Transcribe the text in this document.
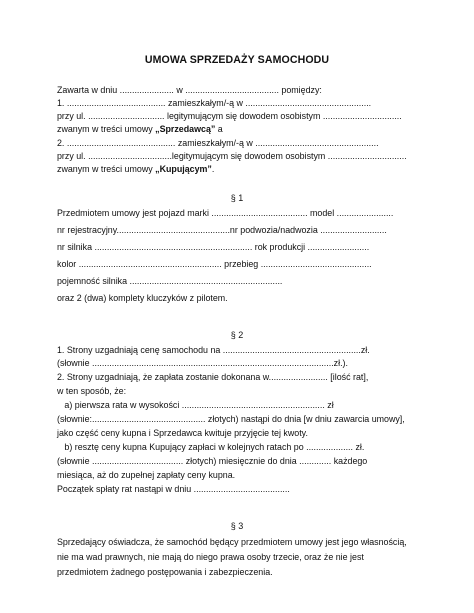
UMOWA SPRZEDAŻY SAMOCHODU
Zawarta w dniu ...................... w ...................................... pomiędzy:
1. ........................................ zamieszkałym/-ą w ...................................................
przy ul. ............................... legitymującym się dowodem osobistym ................................
zwanym w treści umowy „Sprzedawcą” a
2. ............................................ zamieszkałym/-ą w ..................................................
przy ul. ..................................legitymującym się dowodem osobistym ................................
zwanym w treści umowy „Kupującym”.
§ 1
Przedmiotem umowy jest pojazd marki ....................................... model .......................
nr rejestracyjny..............................................nr podwozia/nadwozia ...........................
nr silnika ................................................................ rok produkcji .........................
kolor .......................................................... przebieg .............................................
pojemność silnika ..............................................................
oraz 2 (dwa) komplety kluczyków z pilotem.
§ 2
1. Strony uzgadniają cenę samochodu na ........................................................zł.
(słownie ..................................................................................................zł.).
2. Strony uzgadniają, że zapłata zostanie dokonana w........................ [ilość rat],
w ten sposób, że:
a) pierwsza rata w wysokości .......................................................... zł
(słownie:.............................................. złotych) nastąpi do dnia [w dniu zawarcia umowy],
jako część ceny kupna i Sprzedawca kwituje przyjęcie tej kwoty.
b) resztę ceny kupna Kupujący zapłaci w kolejnych ratach po ................... zł.
(słownie ..................................... złotych) miesięcznie do dnia ............. każdego
miesiąca, aż do zupełnej zapłaty ceny kupna.
Początek spłaty rat nastąpi w dniu .......................................
§ 3
Sprzedający oświadcza, że samochód będący przedmiotem umowy jest jego własnością,
nie ma wad prawnych, nie mają do niego prawa osoby trzecie, oraz że nie jest
przedmiotem żadnego postępowania i zabezpieczenia.
